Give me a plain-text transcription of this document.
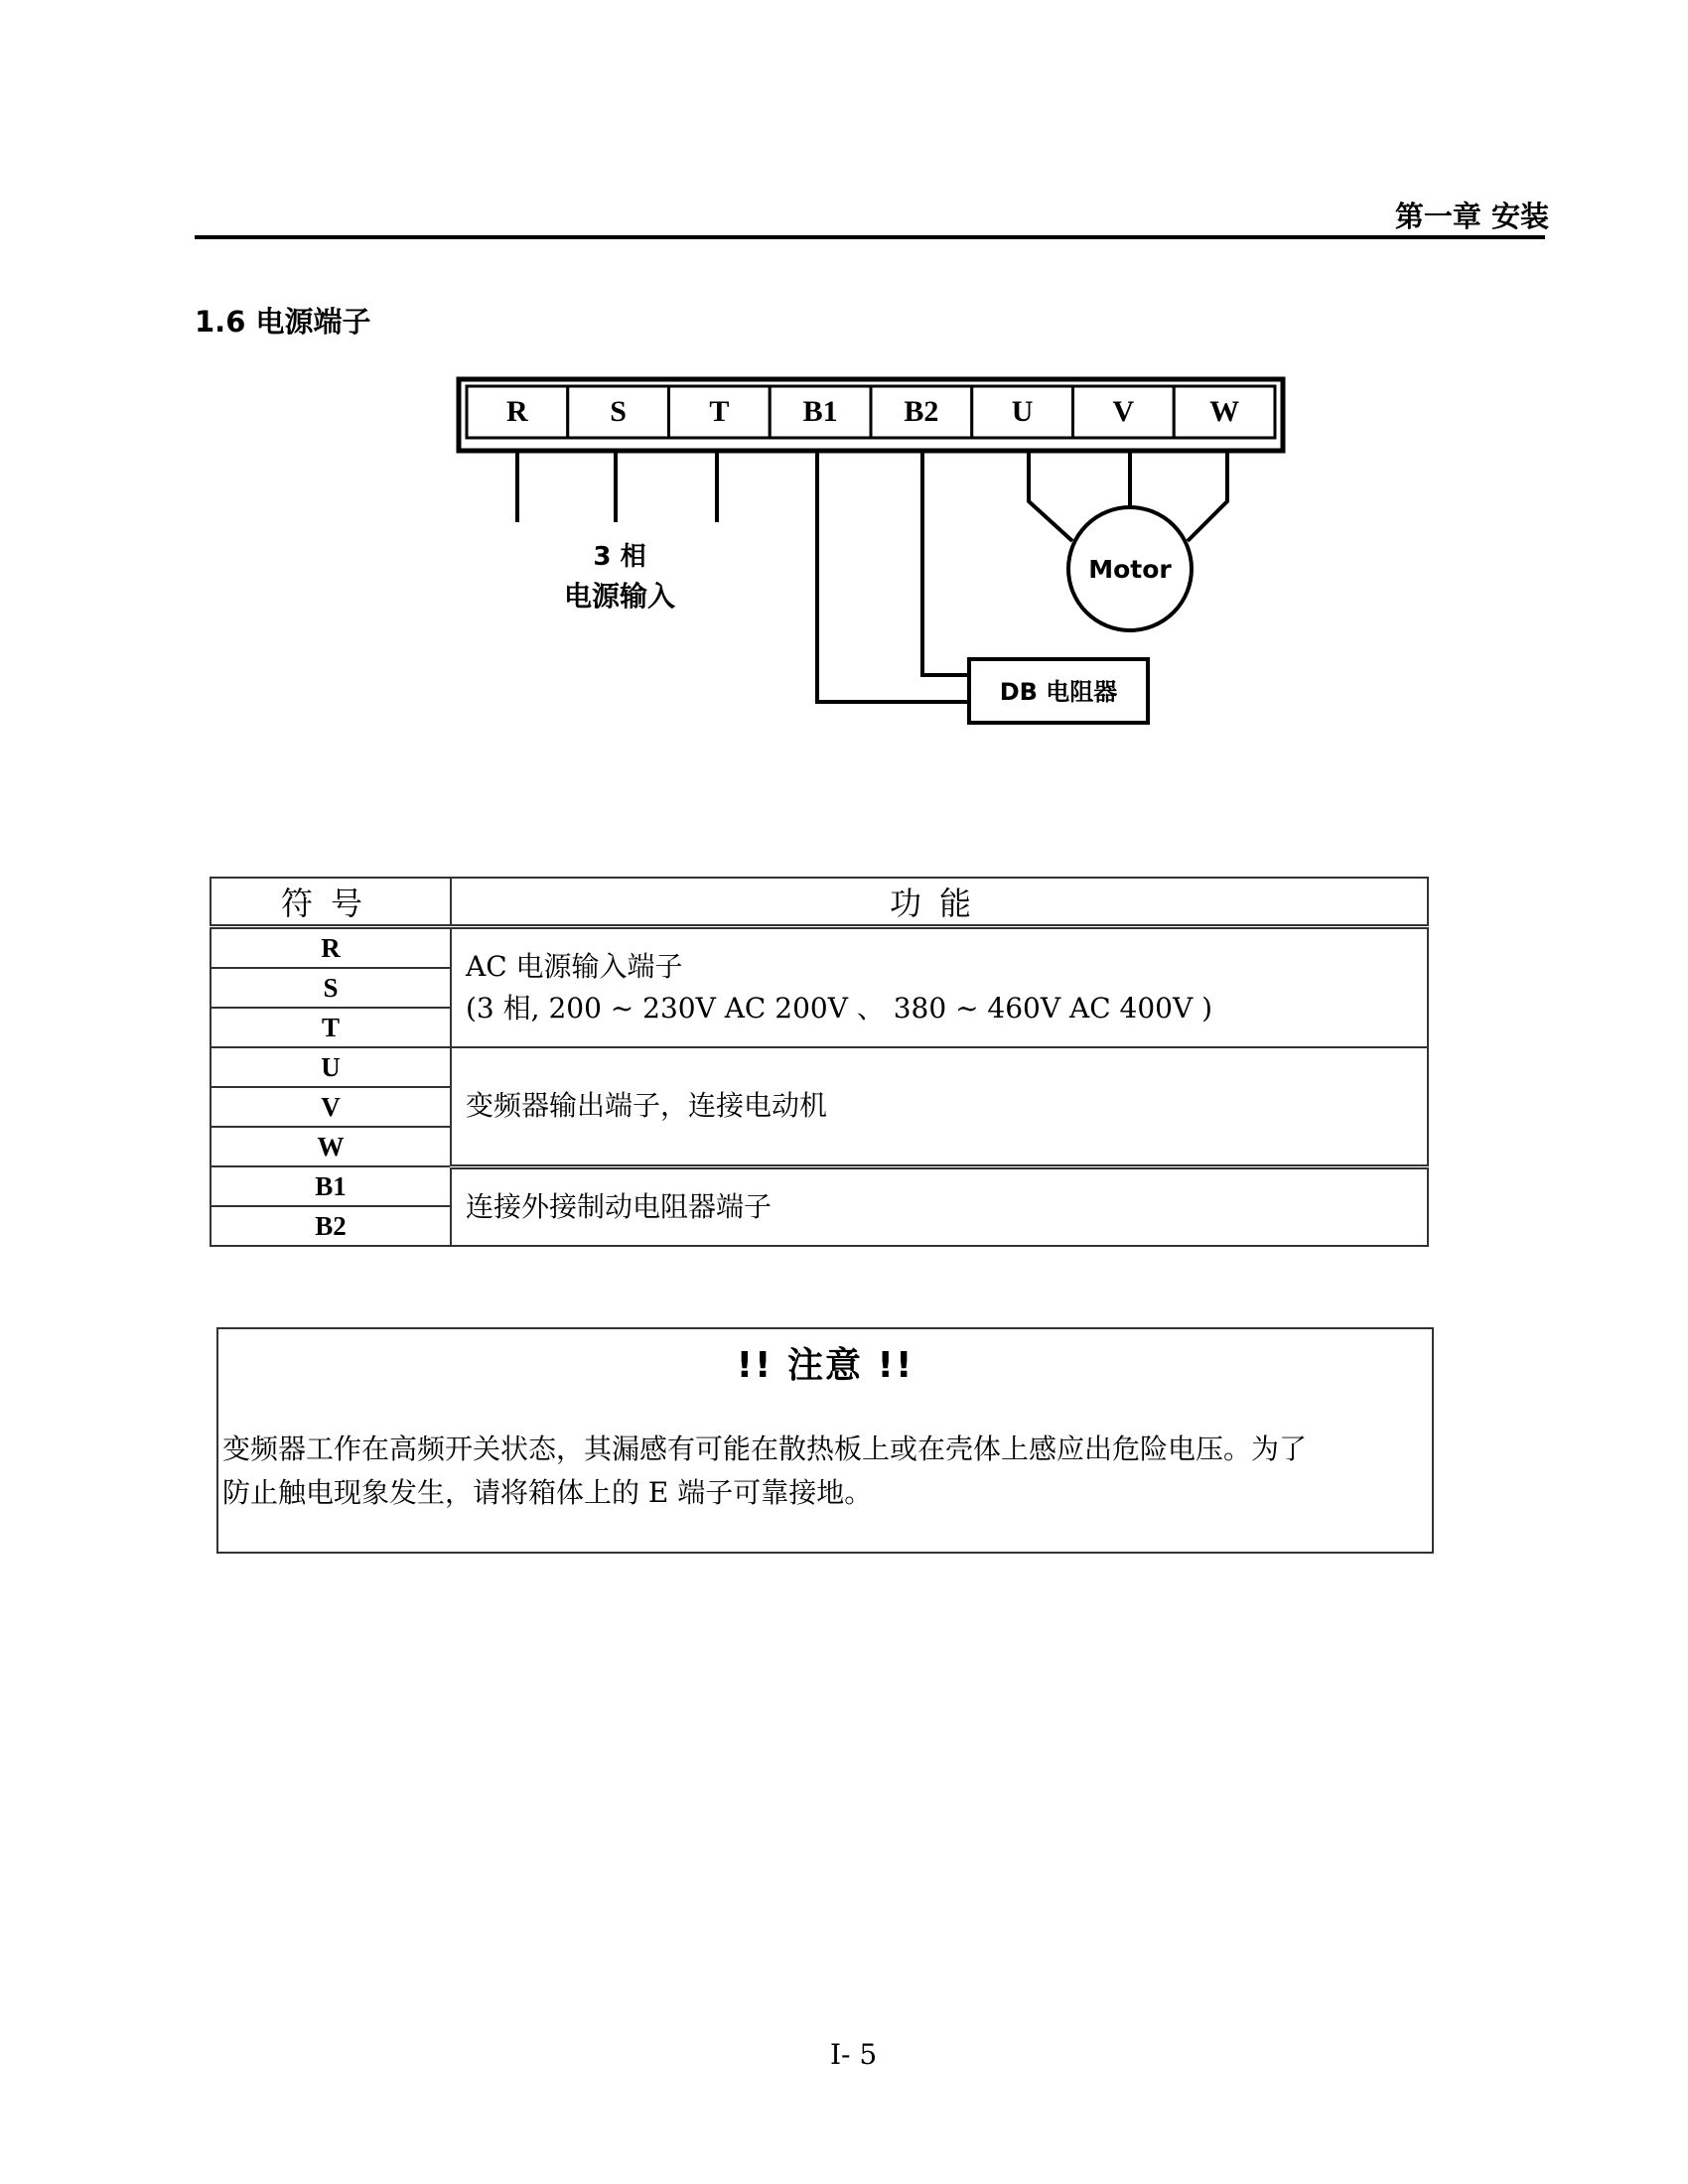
第一章 安装
1.6 电源端子
R	S	T B1 B2 U	V	W
3 相
电源输入
DB 电阻器
Motor
符号	功能
R	AC 电源输入端子
(3 相, 200 ~ 230V AC 200V 、 380 ~ 460V AC 400V )

S	
T	
U	变频器输出端子，连接电动机

V	
W	
B1	连接外接制动电阻器端子

B2	
!! 注意 !!
变频器工作在高频开关状态，其漏感有可能在散热板上或在壳体上感应出危险电压。为了
防止触电现象发生，请将箱体上的 E 端子可靠接地。
I- 5
